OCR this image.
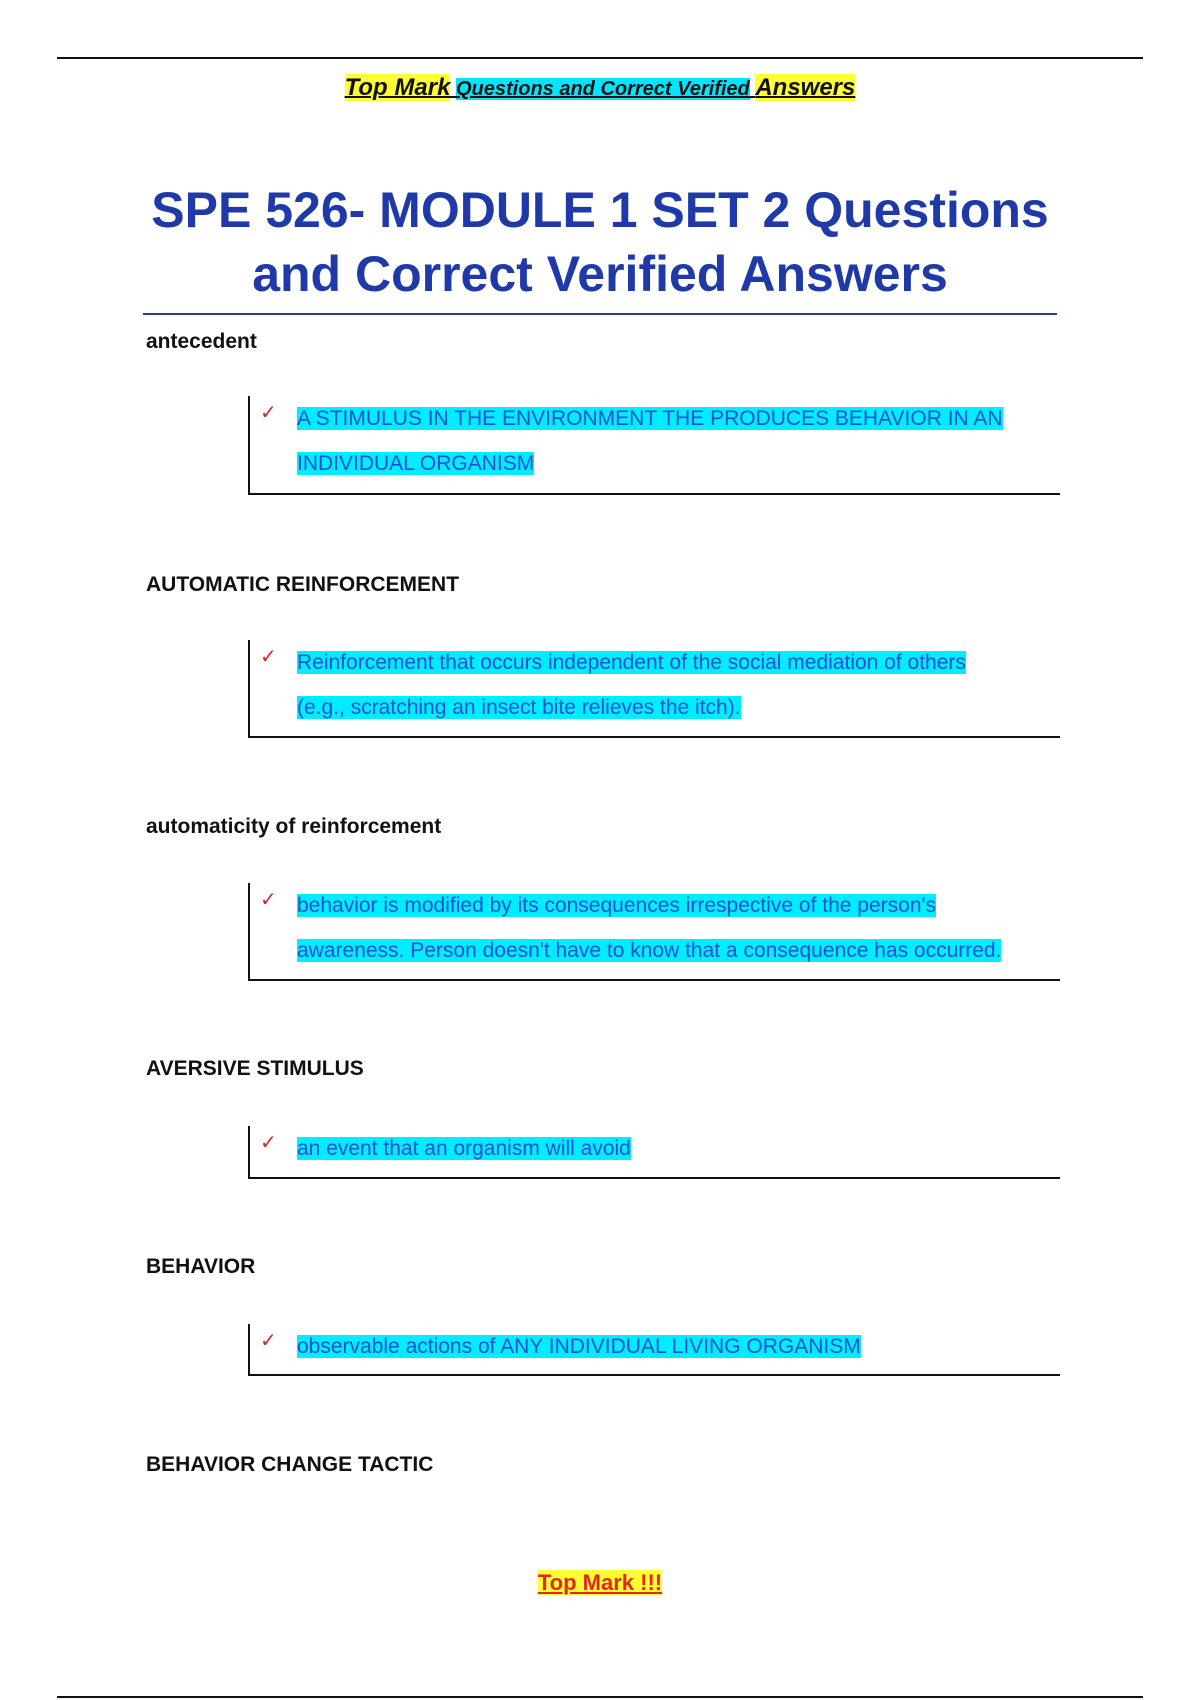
Top Mark Questions and Correct Verified Answers
SPE 526- MODULE 1 SET 2 Questions
and Correct Verified Answers
antecedent
✓ A STIMULUS IN THE ENVIRONMENT THE PRODUCES BEHAVIOR IN AN
INDIVIDUAL ORGANISM
AUTOMATIC REINFORCEMENT
✓ Reinforcement that occurs independent of the social mediation of others
(e.g., scratching an insect bite relieves the itch).
automaticity of reinforcement
✓ behavior is modified by its consequences irrespective of the person's
awareness. Person doesn't have to know that a consequence has occurred.
AVERSIVE STIMULUS
✓ an event that an organism will avoid
BEHAVIOR
✓ observable actions of ANY INDIVIDUAL LIVING ORGANISM
BEHAVIOR CHANGE TACTIC
Top Mark !!!
